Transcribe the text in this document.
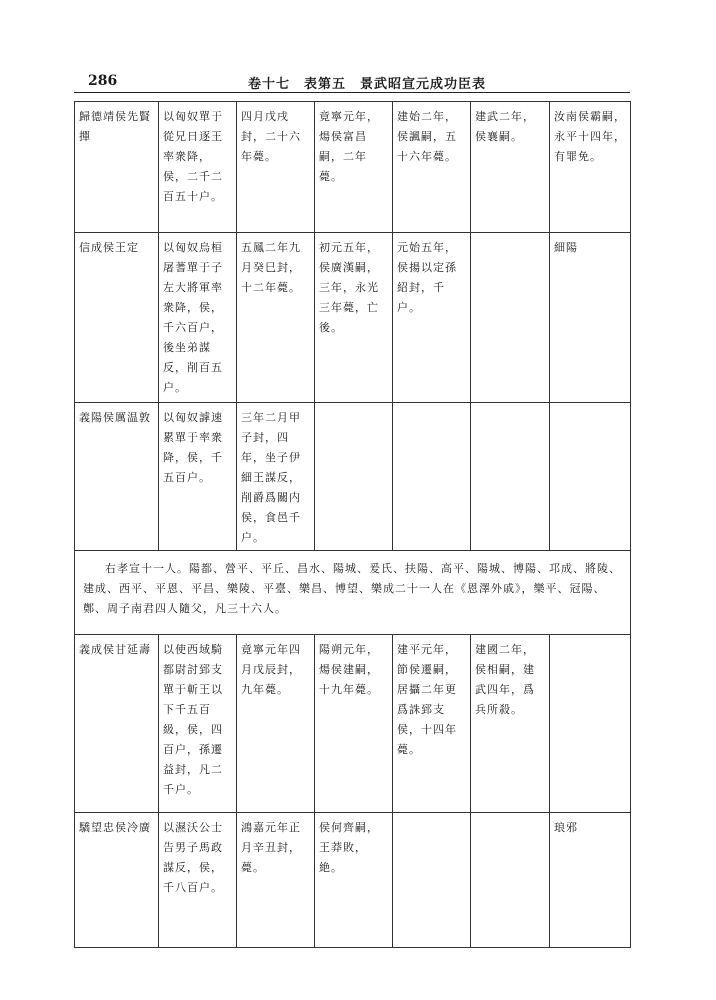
286	卷十七　表第五　景武昭宣元成功臣表
歸德靖侯先賢撣	以匈奴單于從兄日逐王率衆降，侯，二千二百五十户。	四月戊戌封，二十六年薨。	竟寧元年，煬侯富昌嗣，二年薨。	建始二年，侯諷嗣，五十六年薨。	建武二年，侯襄嗣。	汝南侯霸嗣，永平十四年，有罪免。
信成侯王定	以匈奴烏桓屠蓍單于子左大將軍率衆降，侯，千六百户，後坐弟謀反，削百五户。	五鳳二年九月癸巳封，十二年薨。	初元五年，侯廣漢嗣，三年，永光三年薨，亡後。	元始五年，侯揚以定孫紹封，千户。		細陽
義陽侯厲温敦	以匈奴謼速累單于率衆降，侯，千五百户。	三年二月甲子封，四年，坐子伊細王謀反，削爵爲關内侯，食邑千户。				

右孝宣十一人。陽都、營平、平丘、昌水、陽城、爰氏、扶陽、高平、陽城、博陽、邛成、將陵、建成、西平、平恩、平昌、樂陵、平臺、樂昌、博望、樂成二十一人在《恩澤外戚》，樂平、冠陽、鄭、周子南君四人隨父，凡三十六人。						

義成侯甘延壽	以使西域騎都尉討郅支單于斬王以下千五百級，侯，四百户，孫遷益封，凡二千户。	竟寧元年四月戊辰封，九年薨。	陽朔元年，煬侯建嗣，十九年薨。	建平元年，節侯遷嗣，居攝二年更爲誅郅支侯，十四年薨。	建國二年，侯相嗣，建武四年，爲兵所殺。	
驕望忠侯冷廣	以濕沃公士告男子馬政謀反，侯，千八百户。	鴻嘉元年正月辛丑封，薨。	侯何齊嗣，王莽敗，絶。			琅邪
